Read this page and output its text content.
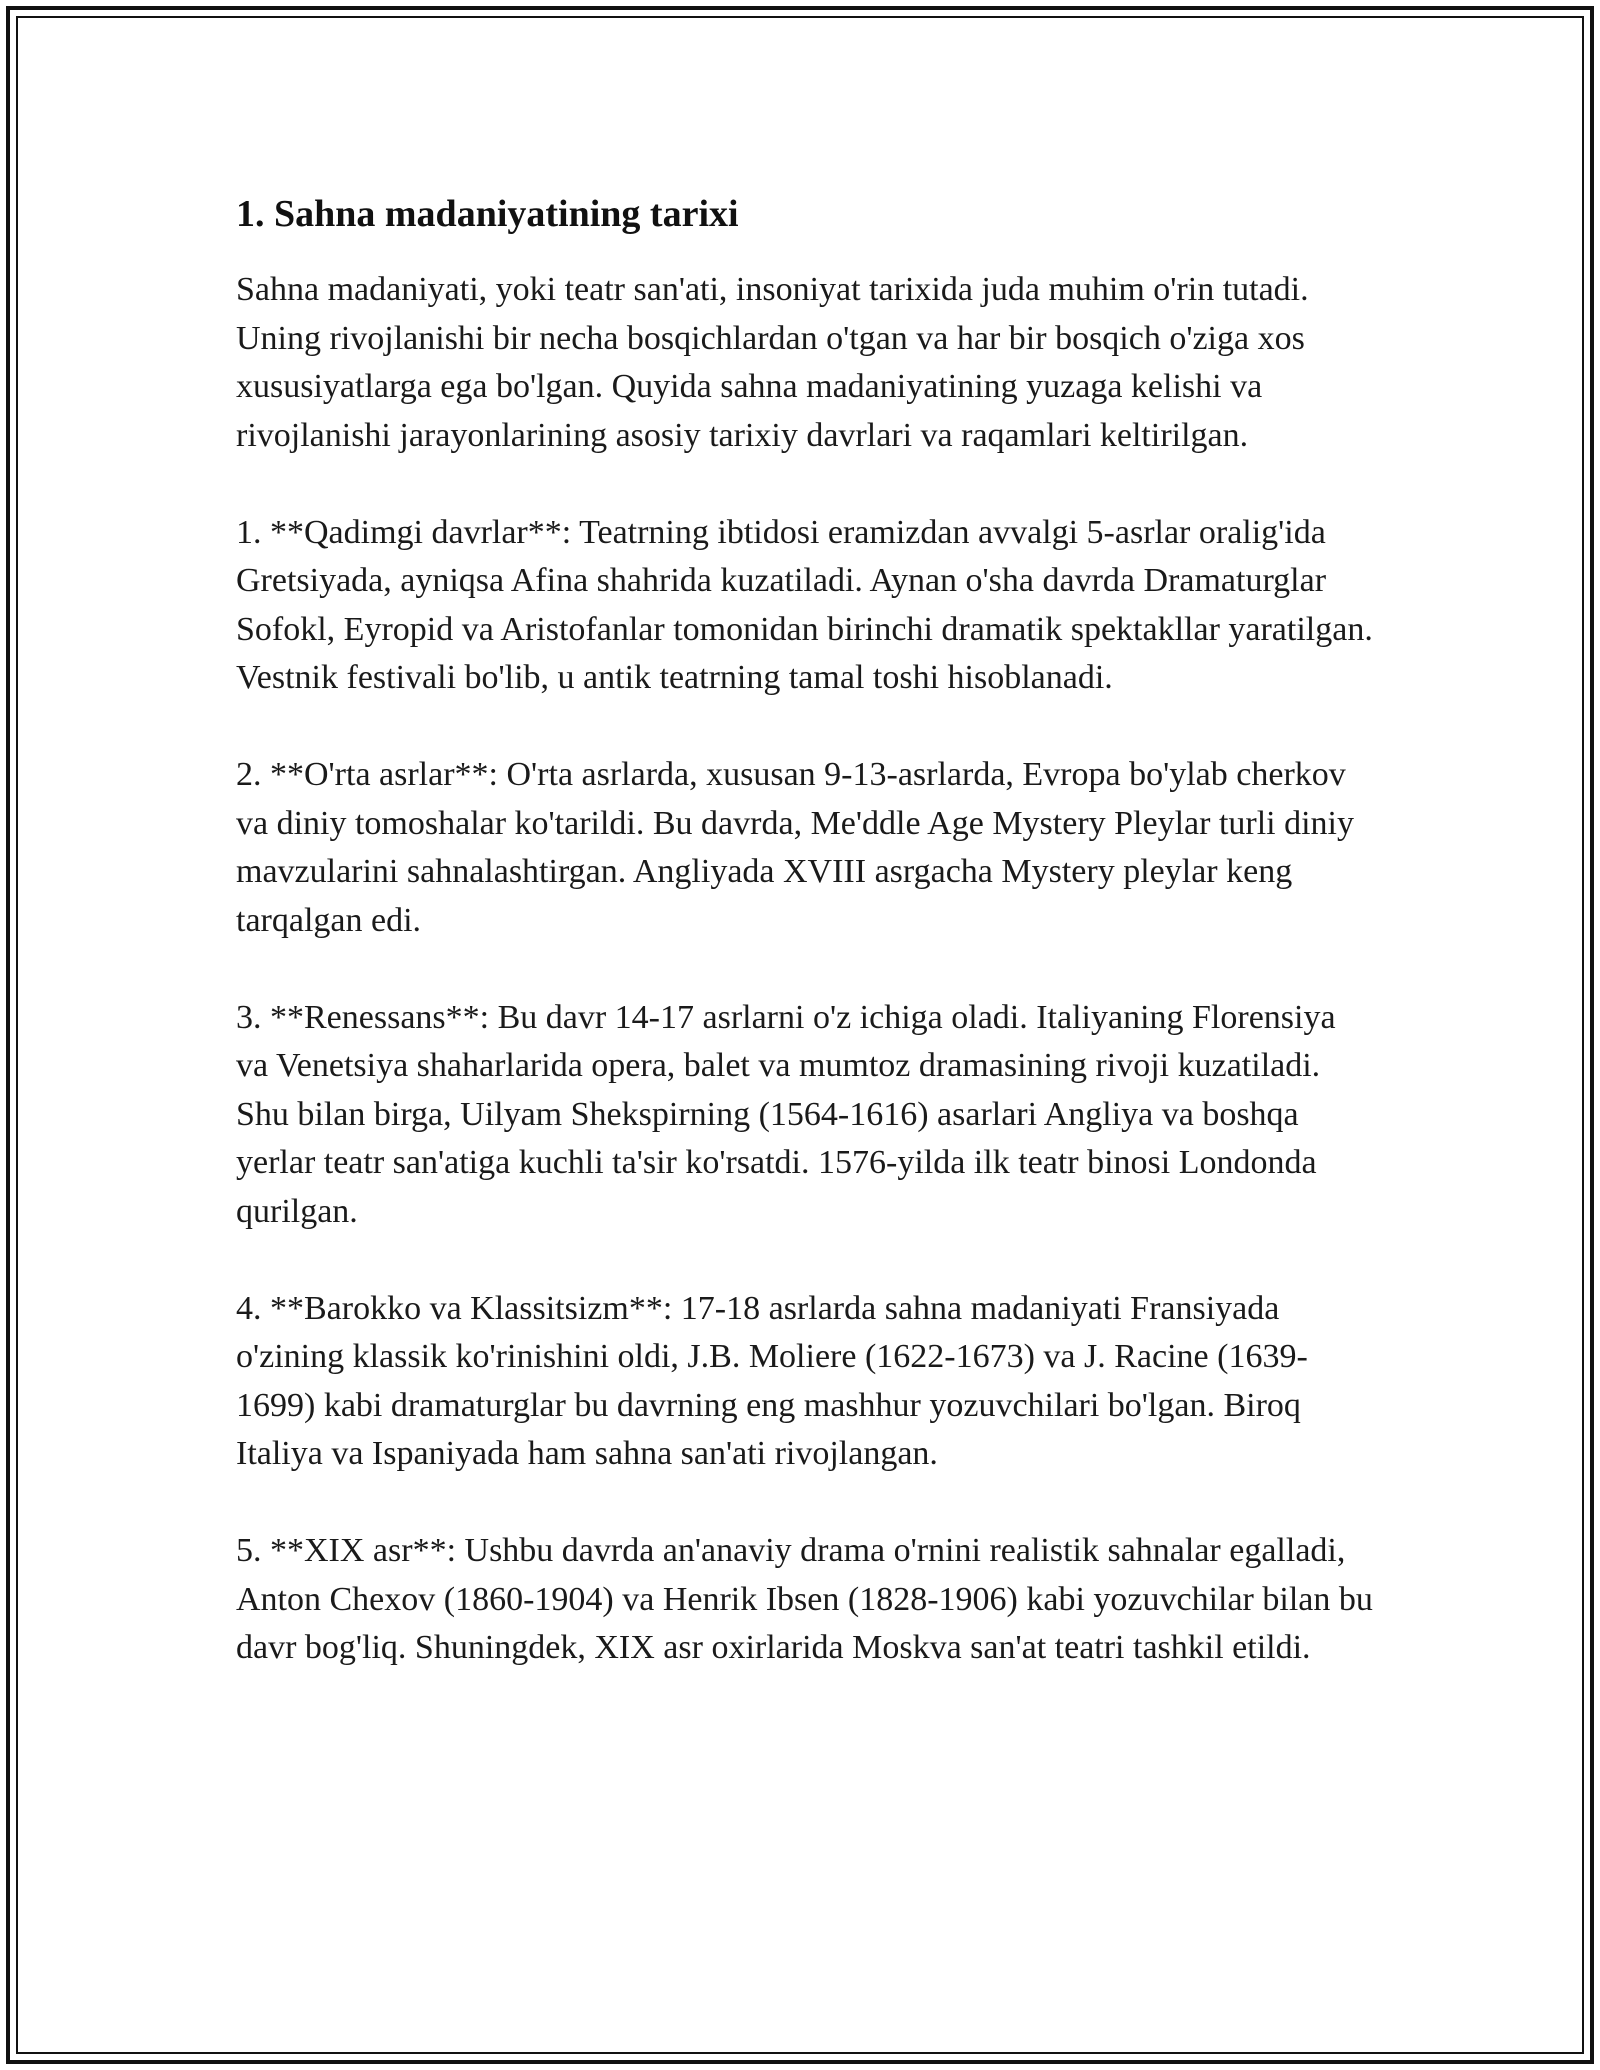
1. Sahna madaniyatining tarixi

Sahna madaniyati, yoki teatr san'ati, insoniyat tarixida juda muhim o'rin tutadi. Uning rivojlanishi bir necha bosqichlardan o'tgan va har bir bosqich o'ziga xos xususiyatlarga ega bo'lgan. Quyida sahna madaniyatining yuzaga kelishi va rivojlanishi jarayonlarining asosiy tarixiy davrlari va raqamlari keltirilgan.

1. **Qadimgi davrlar**: Teatrning ibtidosi eramizdan avvalgi 5-asrlar oralig'ida Gretsiyada, ayniqsa Afina shahrida kuzatiladi. Aynan o'sha davrda Dramaturglar Sofokl, Eyropid va Aristofanlar tomonidan birinchi dramatik spektakllar yaratilgan. Vestnik festivali bo'lib, u antik teatrning tamal toshi hisoblanadi.

2. **O'rta asrlar**: O'rta asrlarda, xususan 9-13-asrlarda, Evropa bo'ylab cherkov va diniy tomoshalar ko'tarildi. Bu davrda, Me'ddle Age Mystery Pleylar turli diniy mavzularini sahnalashtirgan. Angliyada XVIII asrgacha Mystery pleylar keng tarqalgan edi.

3. **Renessans**: Bu davr 14-17 asrlarni o'z ichiga oladi. Italiyaning Florensiya va Venetsiya shaharlarida opera, balet va mumtoz dramasining rivoji kuzatiladi. Shu bilan birga, Uilyam Shekspirning (1564-1616) asarlari Angliya va boshqa yerlar teatr san'atiga kuchli ta'sir ko'rsatdi. 1576-yilda ilk teatr binosi Londonda qurilgan.

4. **Barokko va Klassitsizm**: 17-18 asrlarda sahna madaniyati Fransiyada o'zining klassik ko'rinishini oldi, J.B. Moliere (1622-1673) va J. Racine (1639-1699) kabi dramaturglar bu davrning eng mashhur yozuvchilari bo'lgan. Biroq Italiya va Ispaniyada ham sahna san'ati rivojlangan.

5. **XIX asr**: Ushbu davrda an'anaviy drama o'rnini realistik sahnalar egalladi, Anton Chexov (1860-1904) va Henrik Ibsen (1828-1906) kabi yozuvchilar bilan bu davr bog'liq. Shuningdek, XIX asr oxirlarida Moskva san'at teatri tashkil etildi.
